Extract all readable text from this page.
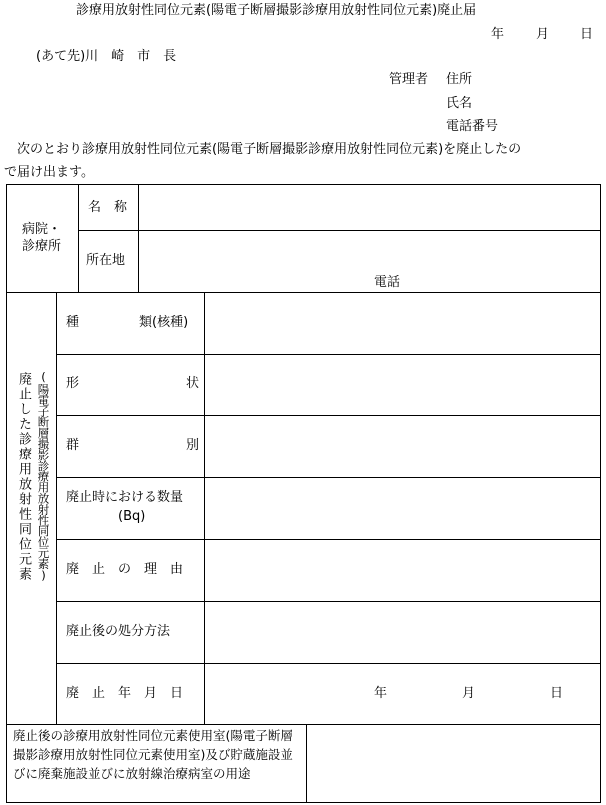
診療用放射性同位元素(陽電子断層撮影診療用放射性同位元素)廃止届
年 月 日
(あて先)川　崎　市　長
管理者 住所
氏名
電話番号
　次のとおり診療用放射性同位元素(陽電子断層撮影診療用放射性同位元素)を廃止したの
で届け出ます。
病院・
診療所
名　称
所在地
電話
廃止した診療用放射性同位元素 (陽電子断層撮影診療用放射性同位元素)
種	類(核種)
形	状
群	別
廃止時における数量
(Bq)
廃　止　の　理　由
廃止後の処分方法
廃　止　年　月　日	年	月	日
廃止後の診療用放射性同位元素使用室(陽電子断層撮影診療用放射性同位元素使用室)及び貯蔵施設並びに廃棄施設並びに放射線治療病室の用途
